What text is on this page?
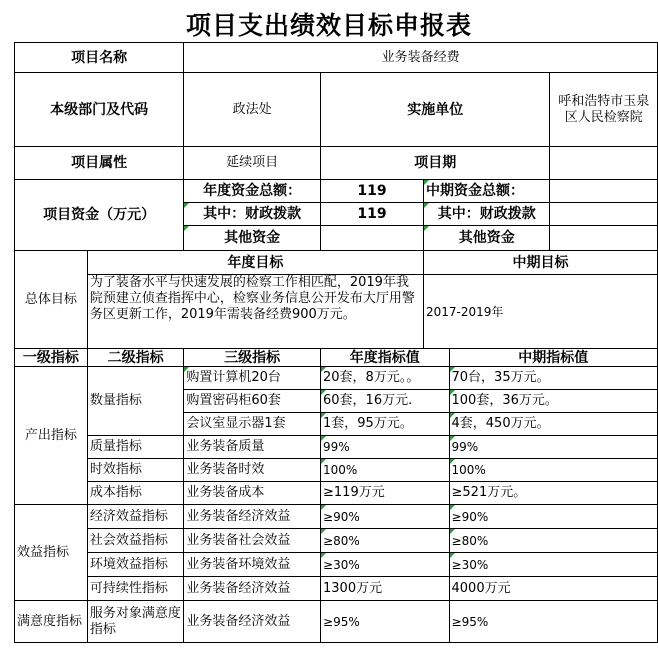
项目支出绩效目标申报表
项目名称		业务装备经费				
本级部门及代码		政法处	实施单位			呼和浩特市玉泉区人民检察院
项目属性		延续项目	项目期			
项目资金（万元）		年度资金总额：	119	中期资金总额：		
		其中：财政拨款	119	其中：财政拨款		
		其他资金		其他资金		
总体目标	年度目标			中期目标		
	为了装备水平与快速发展的检察工作相匹配，2019年我院预建立侦查指挥中心，检察业务信息公开发布大厅用警务区更新工作，2019年需装备经费900万元。			2017-2019年		
一级指标	二级指标	三级指标	年度指标值		中期指标值	
产出指标	数量指标	购置计算机20台	20套，8万元。。		70台，35万元。	
		购置密码柜60套	60套，16万元.		100套，36万元。	
		会议室显示器1套	1套，95万元。		4套，450万元。	
	质量指标	业务装备质量	99%		99%	
	时效指标	业务装备时效	100%		100%	
	成本指标	业务装备成本	≥119万元		≥521万元。	
效益指标	经济效益指标	业务装备经济效益	≥90%		≥90%	
	社会效益指标	业务装备社会效益	≥80%		≥80%	
	环境效益指标	业务装备环境效益	≥30%		≥30%	
	可持续性指标	业务装备经济效益	1300万元		4000万元	
满意度指标	服务对象满意度指标	业务装备经济效益	≥95%		≥95%	
